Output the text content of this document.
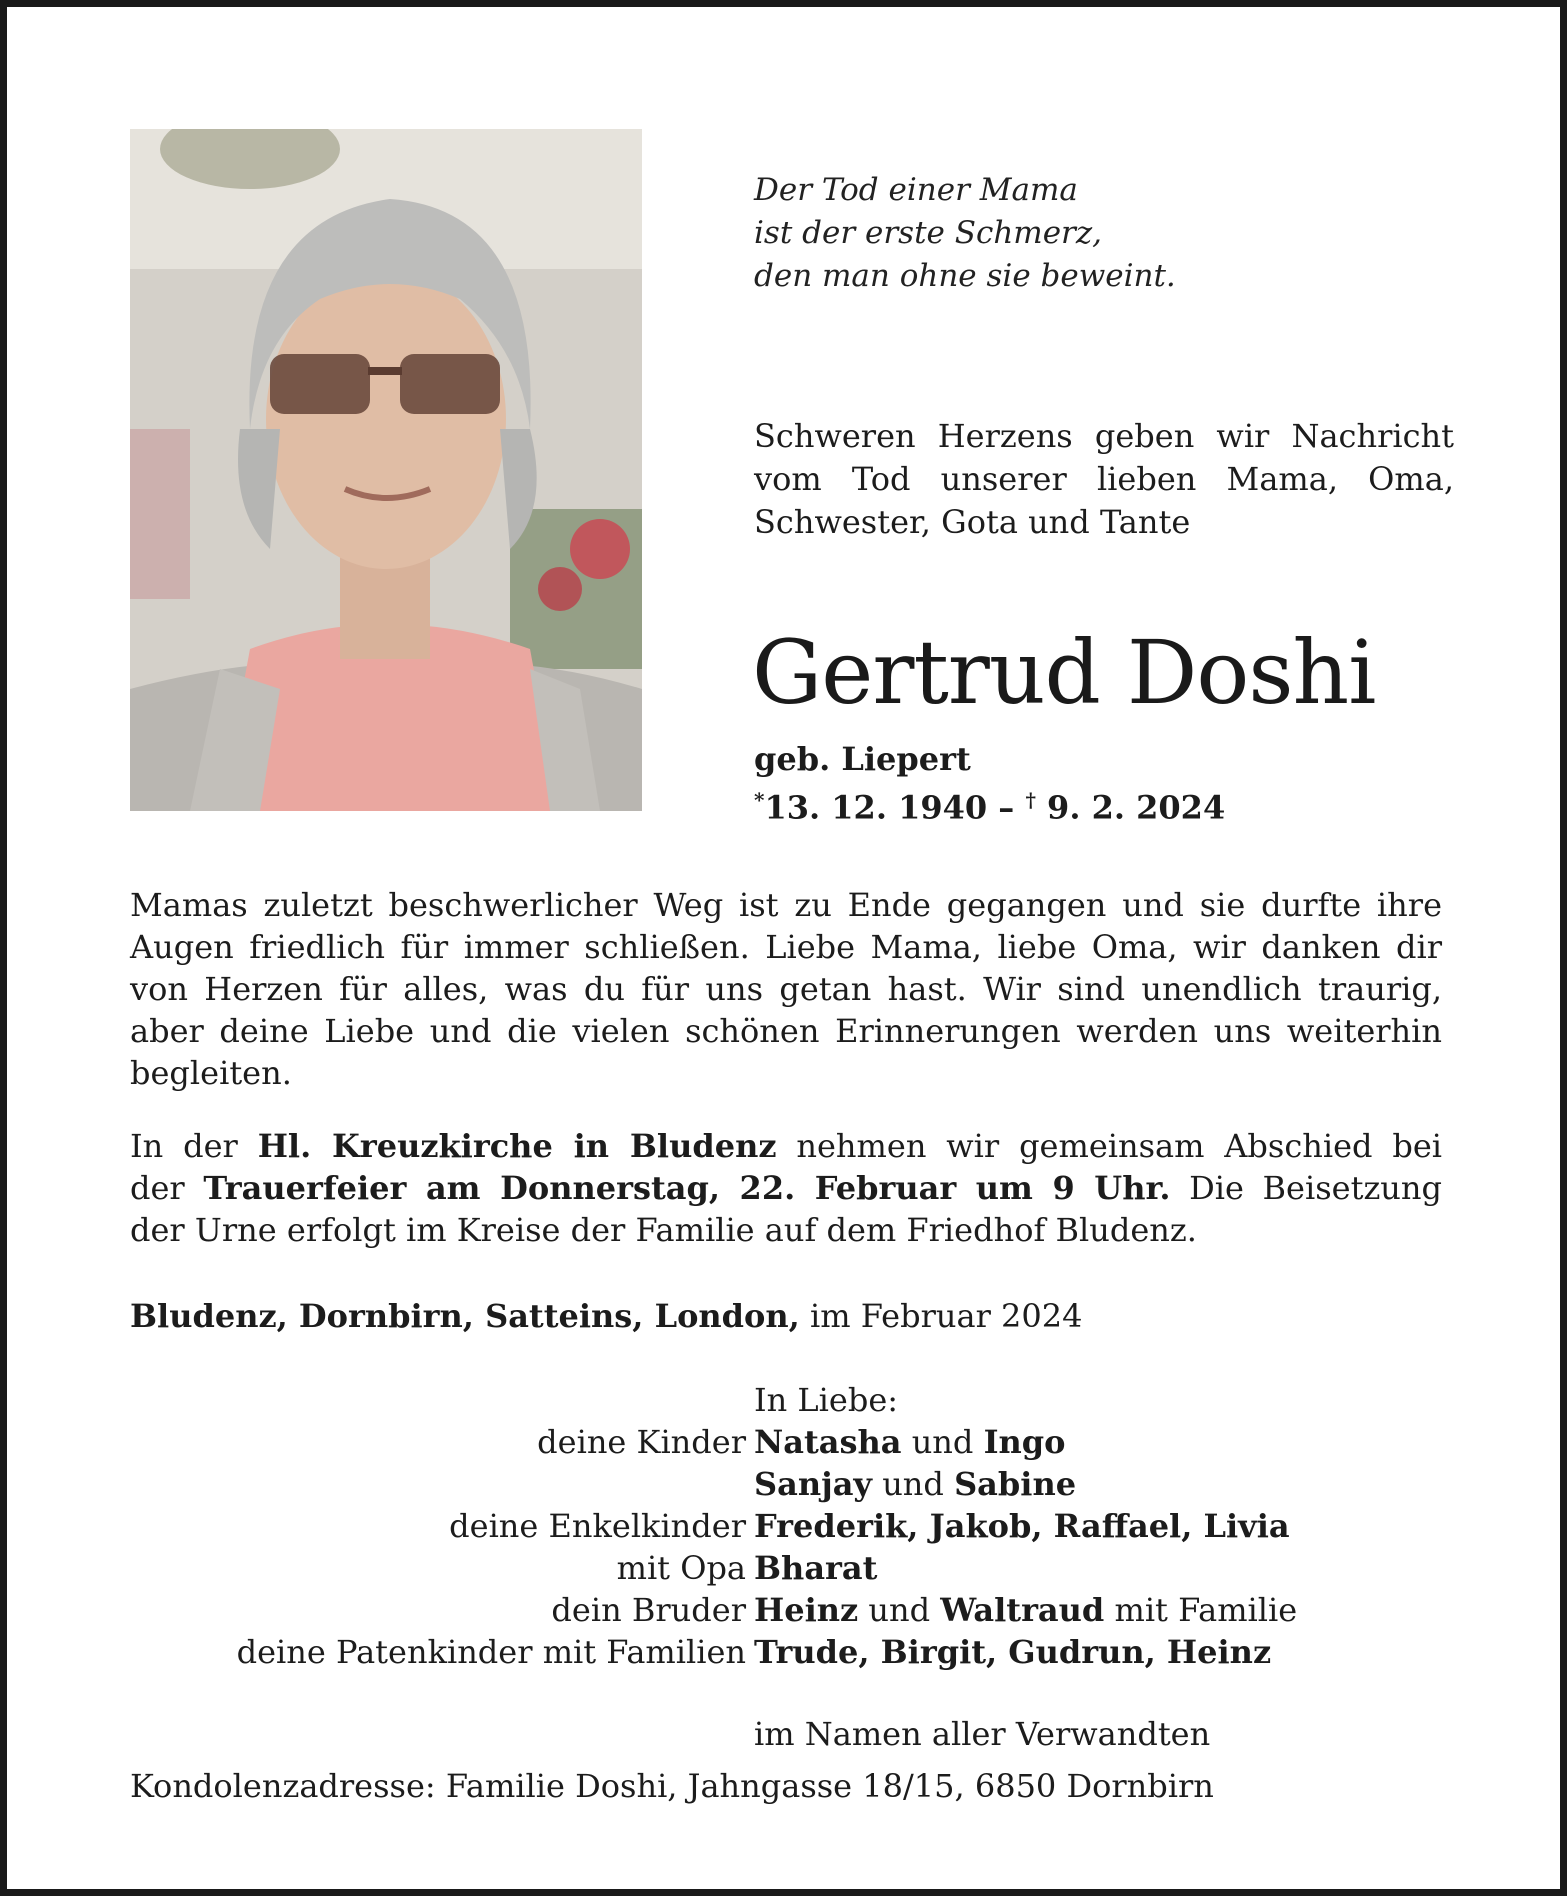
Der Tod einer Mama
ist der erste Schmerz,
den man ohne sie beweint.
Schweren Herzens geben wir Nachricht
vom Tod unserer lieben Mama, Oma,
Schwester, Gota und Tante
Gertrud Doshi
geb. Liepert
*13. 12. 1940 – † 9. 2. 2024
Mamas zuletzt beschwerlicher Weg ist zu Ende gegangen und sie durfte ihre
Augen friedlich für immer schließen. Liebe Mama, liebe Oma, wir danken dir
von Herzen für alles, was du für uns getan hast. Wir sind unendlich traurig,
aber deine Liebe und die vielen schönen Erinnerungen werden uns weiterhin
begleiten.
In der Hl. Kreuzkirche in Bludenz nehmen wir gemeinsam Abschied bei
der Trauerfeier am Donnerstag, 22. Februar um 9 Uhr. Die Beisetzung
der Urne erfolgt im Kreise der Familie auf dem Friedhof Bludenz.
Bludenz, Dornbirn, Satteins, London, im Februar 2024
In Liebe:
deine Kinder Natasha und Ingo
Sanjay und Sabine
deine Enkelkinder Frederik, Jakob, Raffael, Livia
mit Opa Bharat
dein Bruder Heinz und Waltraud mit Familie
deine Patenkinder mit Familien Trude, Birgit, Gudrun, Heinz
im Namen aller Verwandten
Kondolenzadresse: Familie Doshi, Jahngasse 18/15, 6850 Dornbirn
